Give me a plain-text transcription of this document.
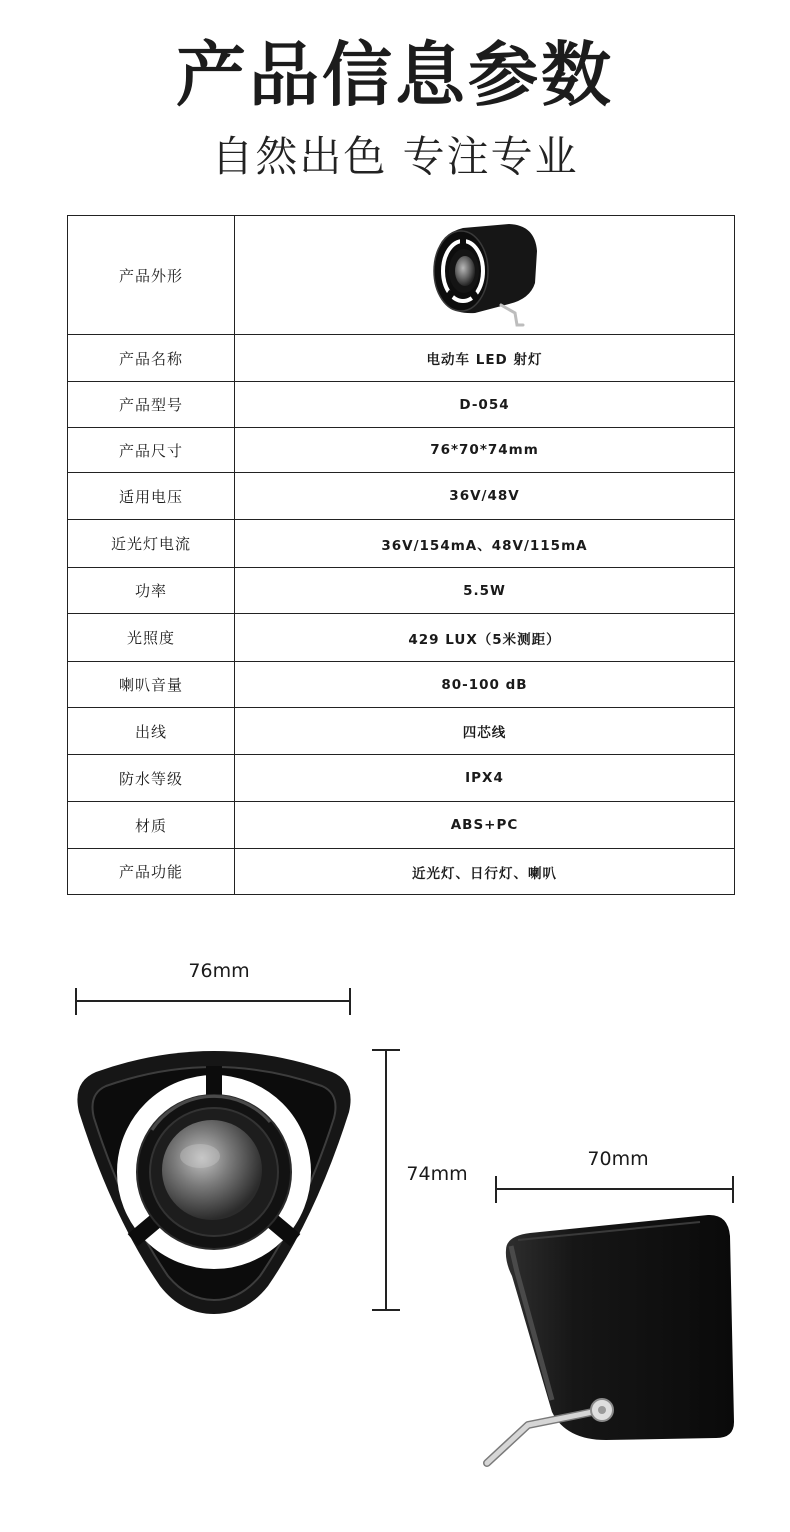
产品信息参数
自然出色 专注专业
产品外形
产品名称	电动车 LED 射灯
产品型号	D-054
产品尺寸	76*70*74mm
适用电压	36V/48V
近光灯电流	36V/154mA、48V/115mA
功率	5.5W
光照度	429 LUX（5米测距）
喇叭音量	80-100 dB
出线	四芯线
防水等级	IPX4
材质	ABS+PC
产品功能	近光灯、日行灯、喇叭
76mm
74mm
70mm
